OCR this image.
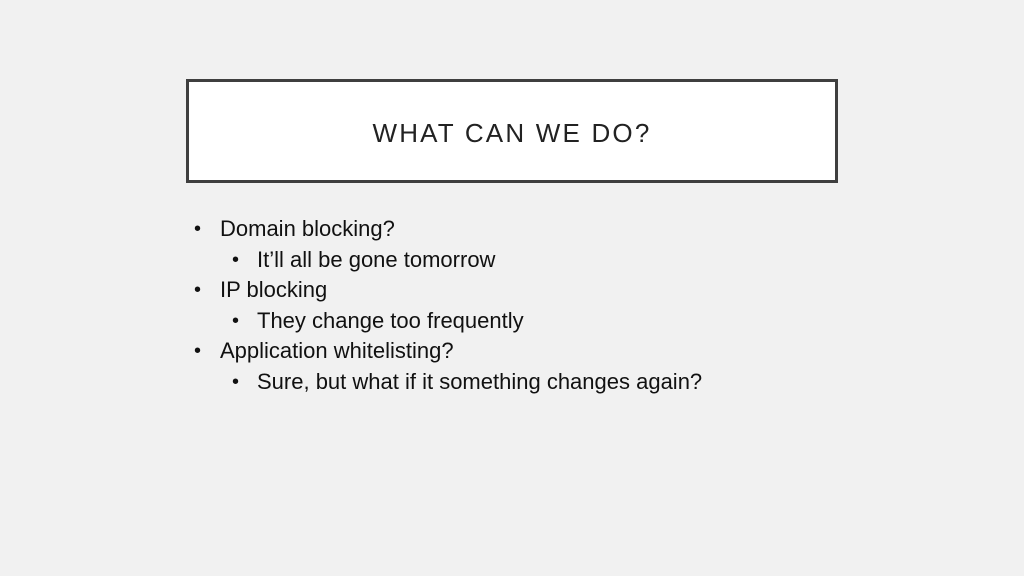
WHAT CAN WE DO?
• Domain blocking?
• It’ll all be gone tomorrow
• IP blocking
• They change too frequently
• Application whitelisting?
• Sure, but what if it something changes again?
